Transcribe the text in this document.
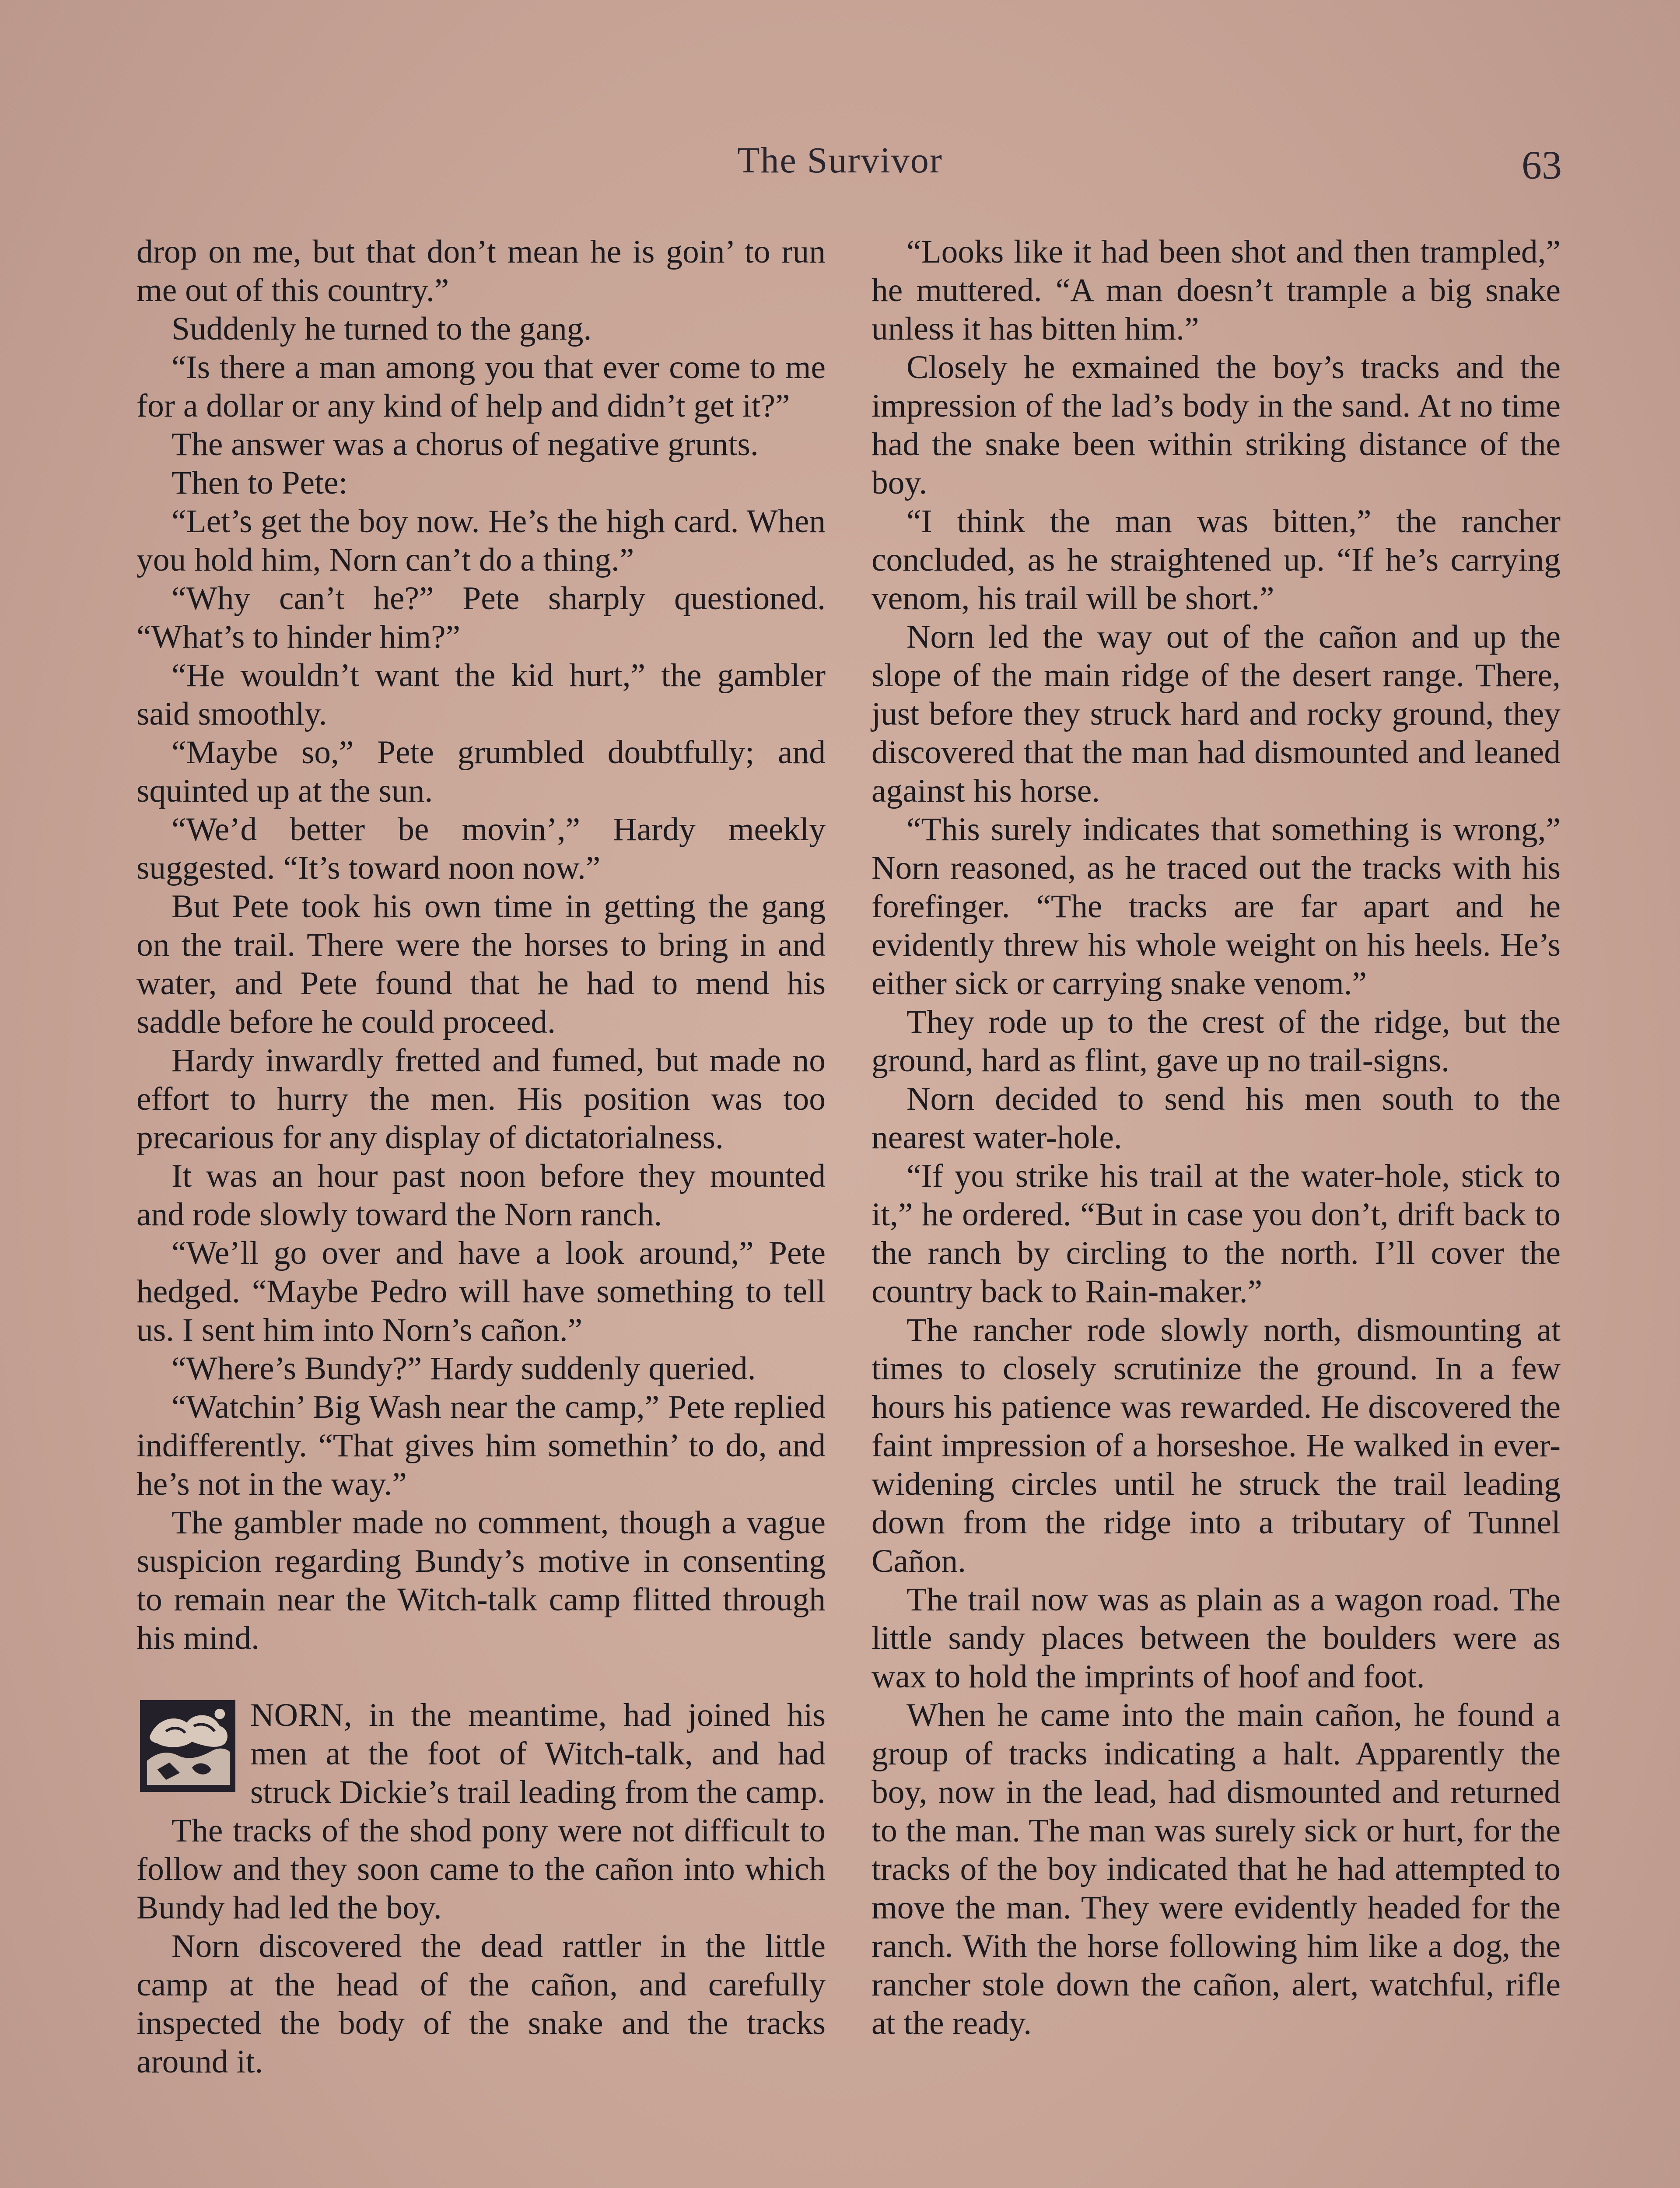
The Survivor	63

drop on me, but that don’t mean he is goin’ to run me out of this country.”

Suddenly he turned to the gang.

“Is there a man among you that ever come to me for a dollar or any kind of help and didn’t get it?”

The answer was a chorus of negative grunts.

Then to Pete:

“Let’s get the boy now. He’s the high card. When you hold him, Norn can’t do a thing.”

“Why can’t he?” Pete sharply questioned. “What’s to hinder him?”

“He wouldn’t want the kid hurt,” the gambler said smoothly.

“Maybe so,” Pete grumbled doubtfully; and squinted up at the sun.

“We’d better be movin’,” Hardy meekly suggested. “It’s toward noon now.”

But Pete took his own time in getting the gang on the trail. There were the horses to bring in and water, and Pete found that he had to mend his saddle before he could proceed.

Hardy inwardly fretted and fumed, but made no effort to hurry the men. His position was too precarious for any display of dictatorialness.

It was an hour past noon before they mounted and rode slowly toward the Norn ranch.

“We’ll go over and have a look around,” Pete hedged. “Maybe Pedro will have something to tell us. I sent him into Norn’s cañon.”

“Where’s Bundy?” Hardy suddenly queried.

“Watchin’ Big Wash near the camp,” Pete replied indifferently. “That gives him somethin’ to do, and he’s not in the way.”

The gambler made no comment, though a vague suspicion regarding Bundy’s motive in consenting to remain near the Witch-talk camp flitted through his mind.

NORN, in the meantime, had joined his men at the foot of Witch-talk, and had struck Dickie’s trail leading from the camp.

The tracks of the shod pony were not difficult to follow and they soon came to the cañon into which Bundy had led the boy.

Norn discovered the dead rattler in the little camp at the head of the cañon, and carefully inspected the body of the snake and the tracks around it.

“Looks like it had been shot and then trampled,” he muttered. “A man doesn’t trample a big snake unless it has bitten him.”

Closely he exmained the boy’s tracks and the impression of the lad’s body in the sand. At no time had the snake been within striking distance of the boy.

“I think the man was bitten,” the rancher concluded, as he straightened up. “If he’s carrying venom, his trail will be short.”

Norn led the way out of the cañon and up the slope of the main ridge of the desert range. There, just before they struck hard and rocky ground, they discovered that the man had dismounted and leaned against his horse.

“This surely indicates that something is wrong,” Norn reasoned, as he traced out the tracks with his forefinger. “The tracks are far apart and he evidently threw his whole weight on his heels. He’s either sick or carrying snake venom.”

They rode up to the crest of the ridge, but the ground, hard as flint, gave up no trail-signs.

Norn decided to send his men south to the nearest water-hole.

“If you strike his trail at the water-hole, stick to it,” he ordered. “But in case you don’t, drift back to the ranch by circling to the north. I’ll cover the country back to Rain-maker.”

The rancher rode slowly north, dismounting at times to closely scrutinize the ground. In a few hours his patience was rewarded. He discovered the faint impression of a horseshoe. He walked in ever-widening circles until he struck the trail leading down from the ridge into a tributary of Tunnel Cañon.

The trail now was as plain as a wagon road. The little sandy places between the boulders were as wax to hold the imprints of hoof and foot.

When he came into the main cañon, he found a group of tracks indicating a halt. Apparently the boy, now in the lead, had dismounted and returned to the man. The man was surely sick or hurt, for the tracks of the boy indicated that he had attempted to move the man. They were evidently headed for the ranch. With the horse following him like a dog, the rancher stole down the cañon, alert, watchful, rifle at the ready.
